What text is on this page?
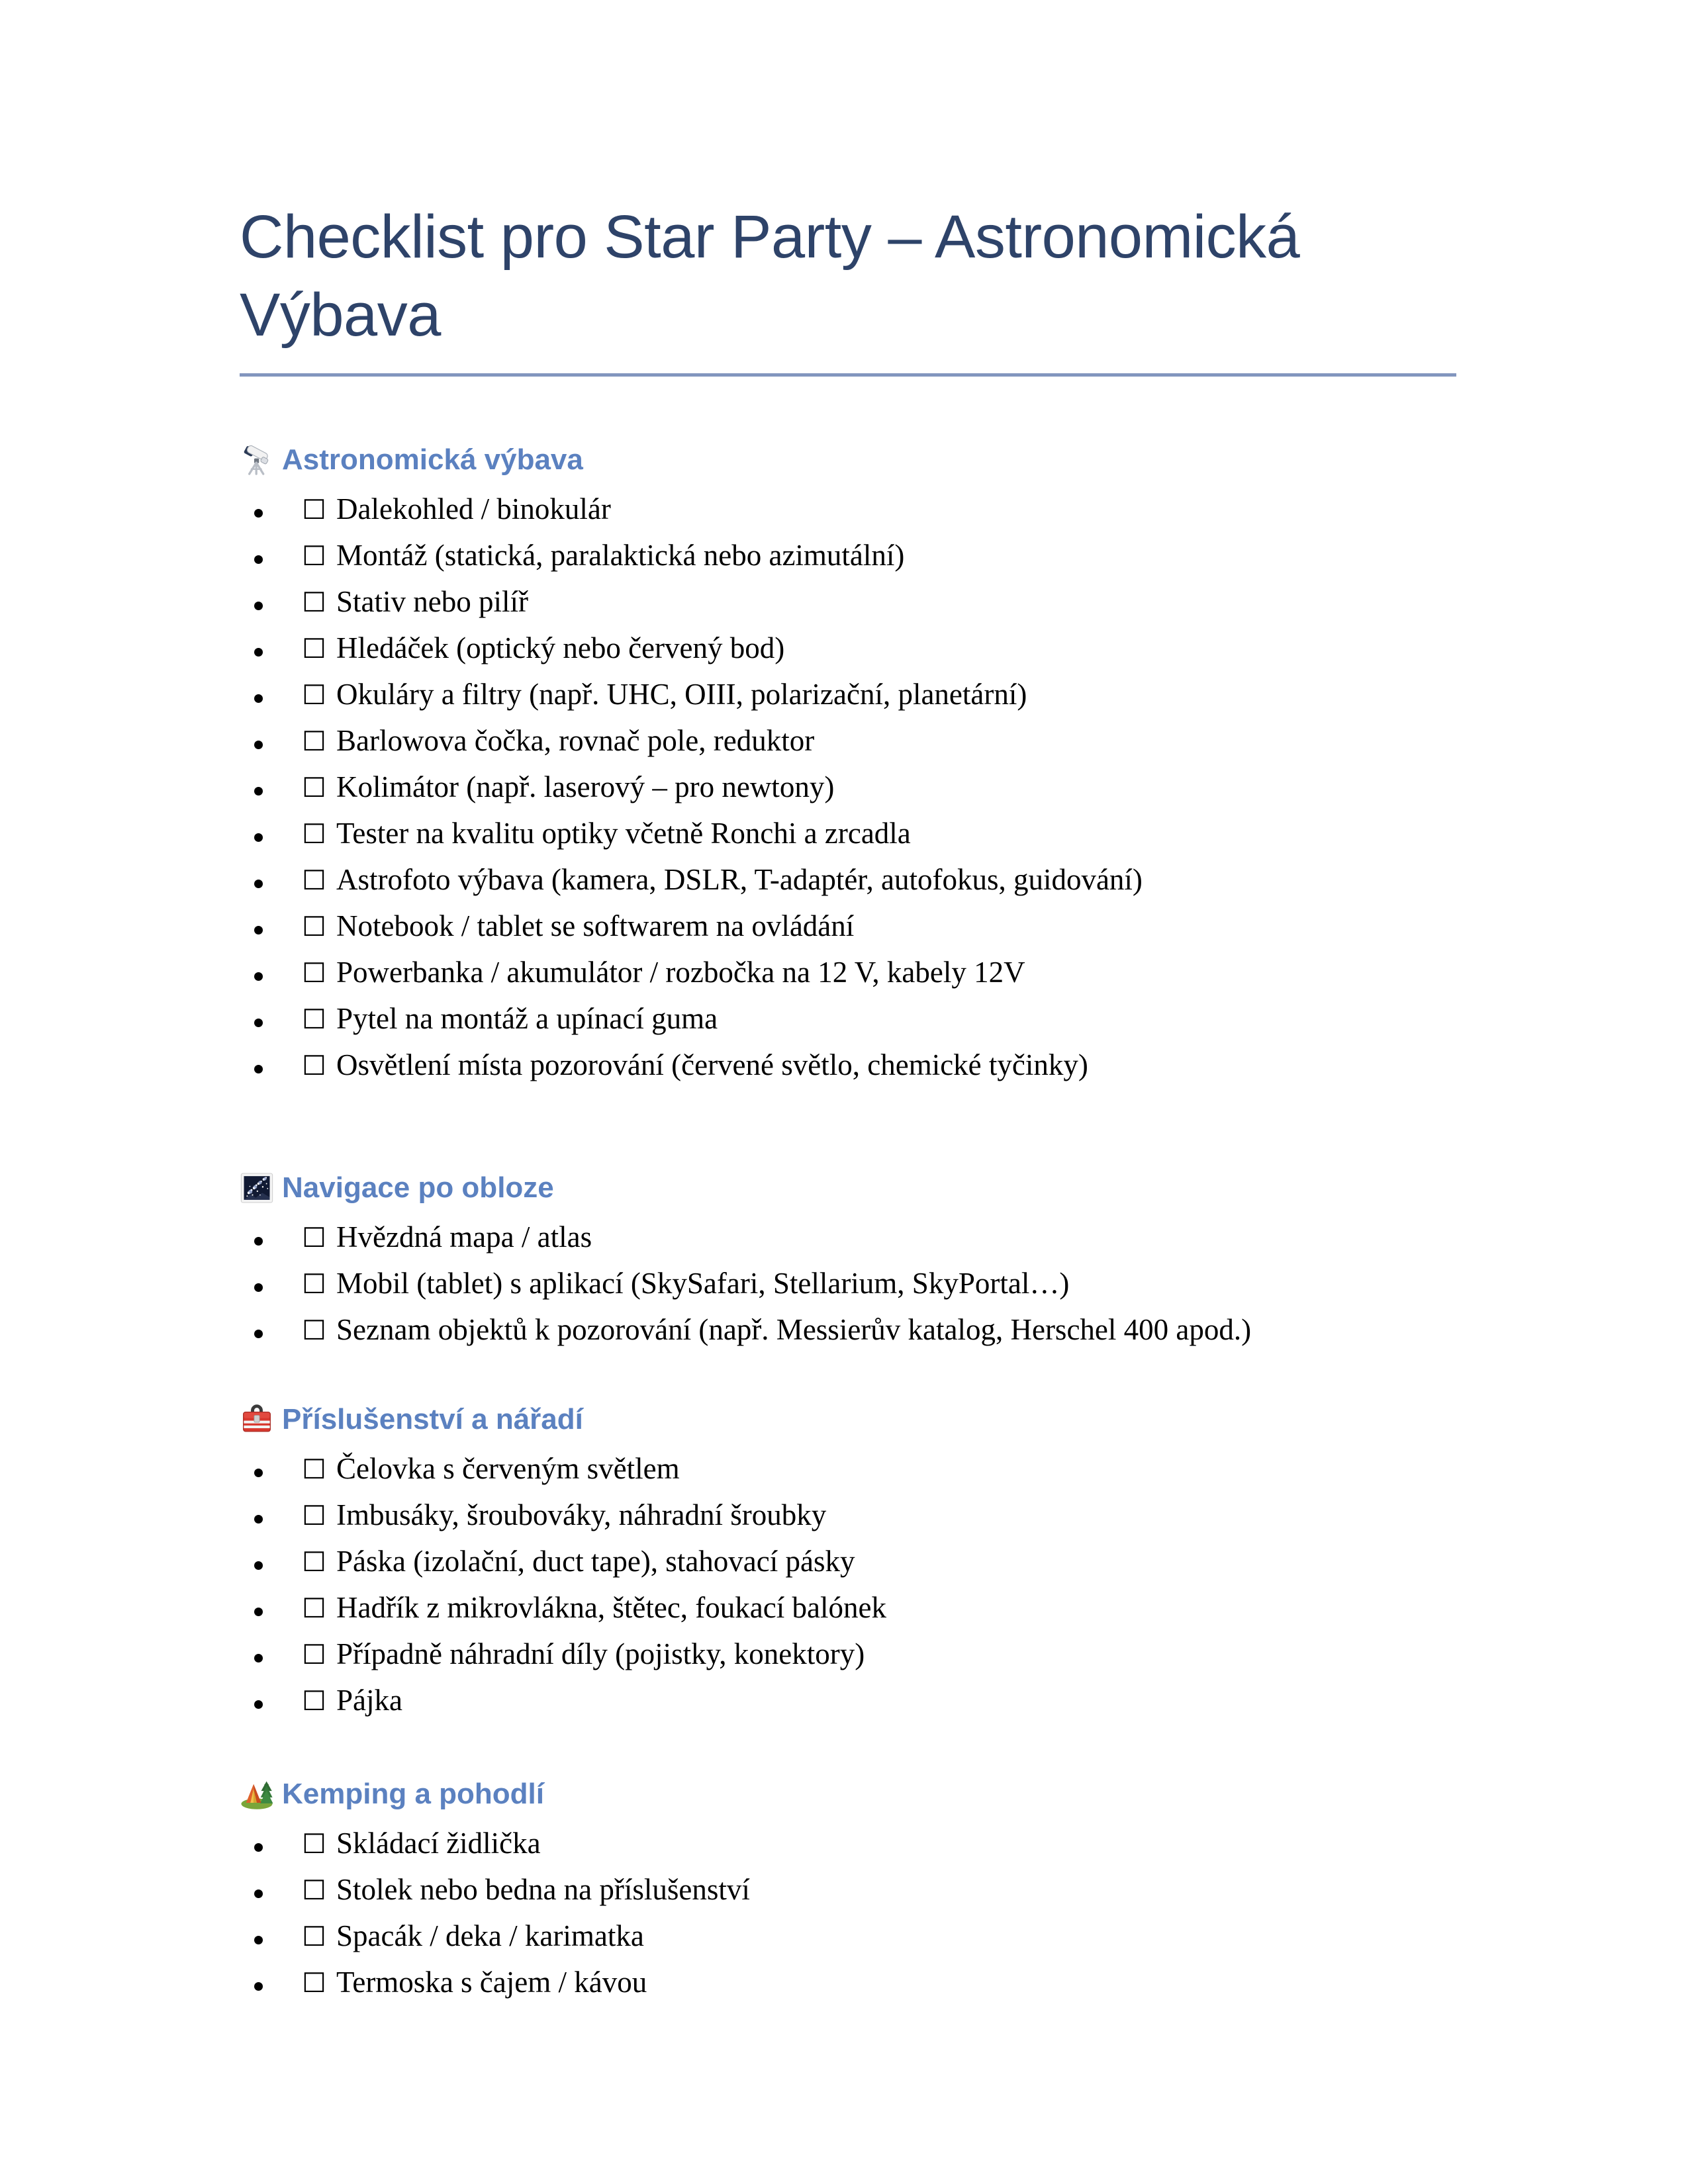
Checklist pro Star Party – Astronomická Výbava
Astronomická výbava
☐ Dalekohled / binokulár
☐ Montáž (statická, paralaktická nebo azimutální)
☐ Stativ nebo pilíř
☐ Hledáček (optický nebo červený bod)
☐ Okuláry a filtry (např. UHC, OIII, polarizační, planetární)
☐ Barlowova čočka, rovnač pole, reduktor
☐ Kolimátor (např. laserový – pro newtony)
☐ Tester na kvalitu optiky včetně Ronchi a zrcadla
☐ Astrofoto výbava (kamera, DSLR, T-adaptér, autofokus, guidování)
☐ Notebook / tablet se softwarem na ovládání
☐ Powerbanka / akumulátor / rozbočka na 12 V, kabely 12V
☐ Pytel na montáž a upínací guma
☐ Osvětlení místa pozorování (červené světlo, chemické tyčinky)
Navigace po obloze
☐ Hvězdná mapa / atlas
☐ Mobil (tablet) s aplikací (SkySafari, Stellarium, SkyPortal…)
☐ Seznam objektů k pozorování (např. Messierův katalog, Herschel 400 apod.)
Příslušenství a nářadí
☐ Čelovka s červeným světlem
☐ Imbusáky, šroubováky, náhradní šroubky
☐ Páska (izolační, duct tape), stahovací pásky
☐ Hadřík z mikrovlákna, štětec, foukací balónek
☐ Případně náhradní díly (pojistky, konektory)
☐ Pájka
Kemping a pohodlí
☐ Skládací židlička
☐ Stolek nebo bedna na příslušenství
☐ Spacák / deka / karimatka
☐ Termoska s čajem / kávou
